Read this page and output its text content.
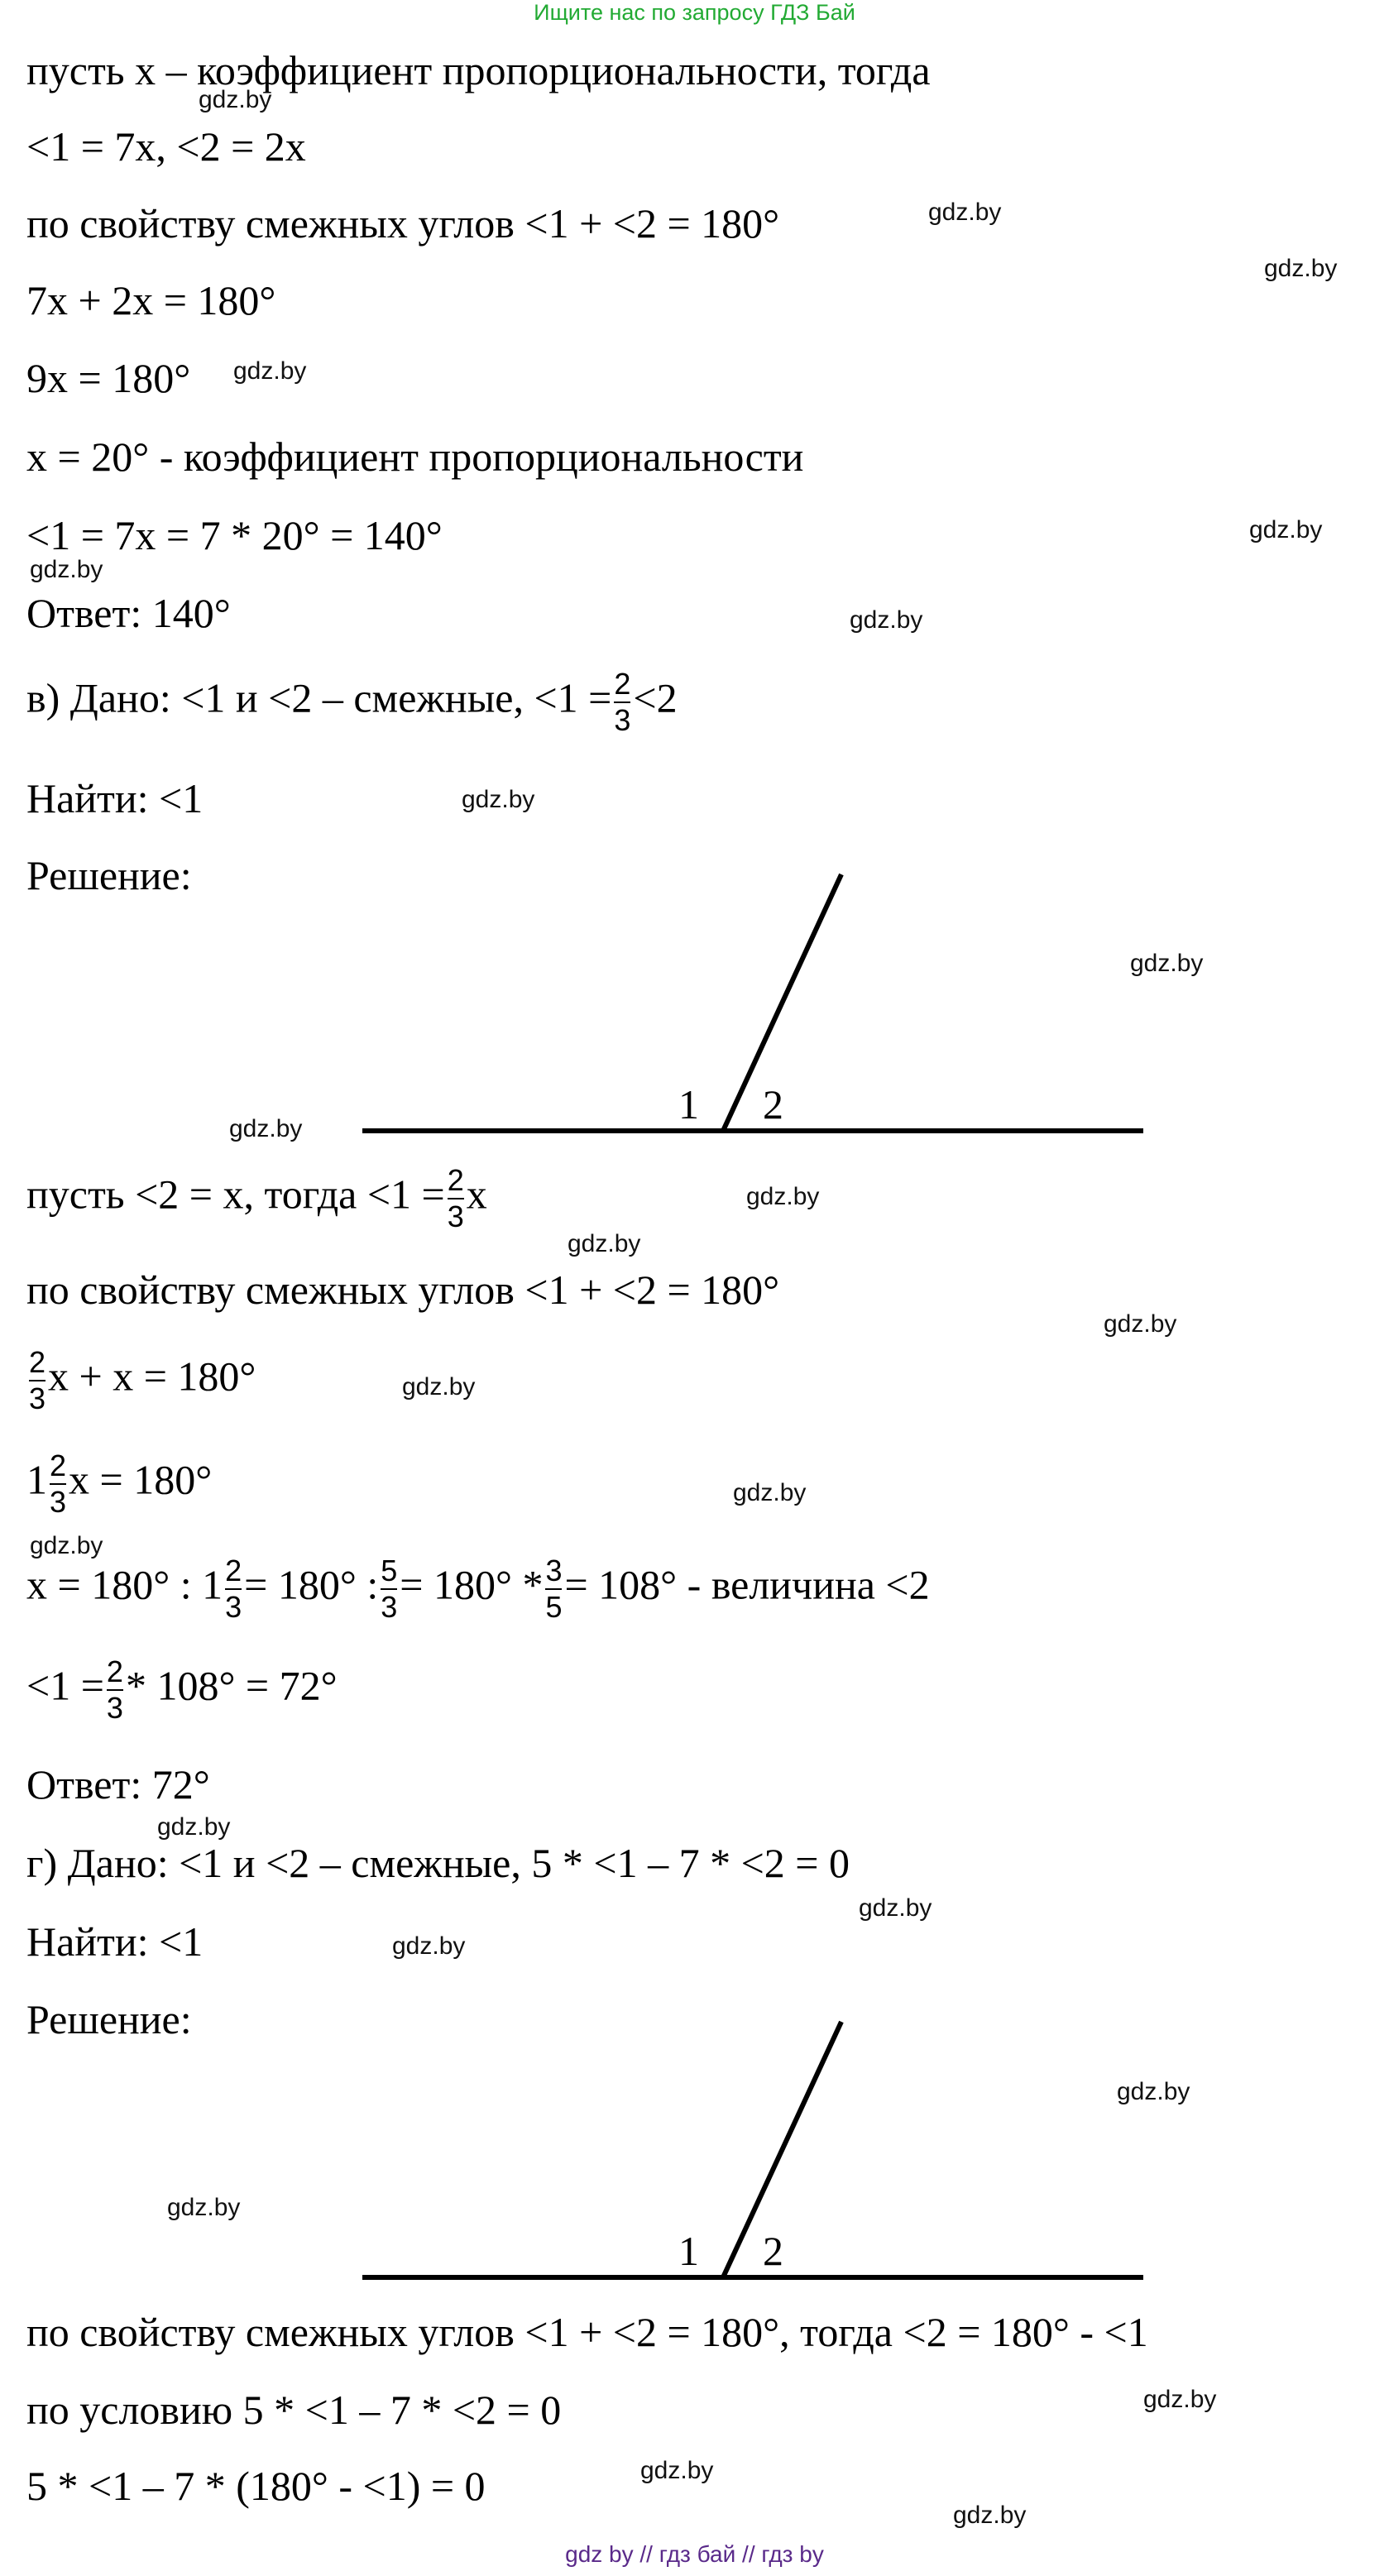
Ищите нас по запросу ГДЗ Бай
пусть x – коэффициент пропорциональности, тогда
<1 = 7x, <2 = 2x
по свойству смежных углов <1 + <2 = 180°
7x + 2x = 180°
9x = 180°
x = 20° - коэффициент пропорциональности
<1 = 7x = 7 * 20° = 140°
Ответ: 140°
в) Дано: <1 и <2 – смежные, $<1 = \frac{2}{3} <2$
Найти: <1
Решение:
1 2
пусть <2 = x, тогда $<1 = \frac{2}{3}$ x
по свойству смежных углов <1 + <2 = 180°
$\frac{2}{3}$ x + x = 180°
$1 \frac{2}{3}$ x = 180°
x = 180° : $1 \frac{2}{3} = 180^\circ$ : $\frac{5}{3} = 180^\circ * \frac{3}{5} = 108^\circ$ - величина <2
$<1 = \frac{2}{3} * 108^\circ = 72^\circ$
Ответ: 72°
г) Дано: <1 и <2 – смежные, 5 * <1 – 7 * <2 = 0
Найти: <1
Решение:
1 2
по свойству смежных углов <1 + <2 = 180°, тогда <2 = 180° - <1
по условию 5 * <1 – 7 * <2 = 0
5 * <1 – 7 * (180° - <1) = 0
gdz.by
gdz.by
gdz.by
gdz.by
gdz.by
gdz.by
gdz.by
gdz.by
gdz.by
gdz.by
gdz.by
gdz.by
gdz.by
gdz.by
gdz.by
gdz.by
gdz.by
gdz.by
gdz.by
gdz.by
gdz.by
gdz.by
gdz.by
gdz.by
gdz by // гдз бай // гдз by
